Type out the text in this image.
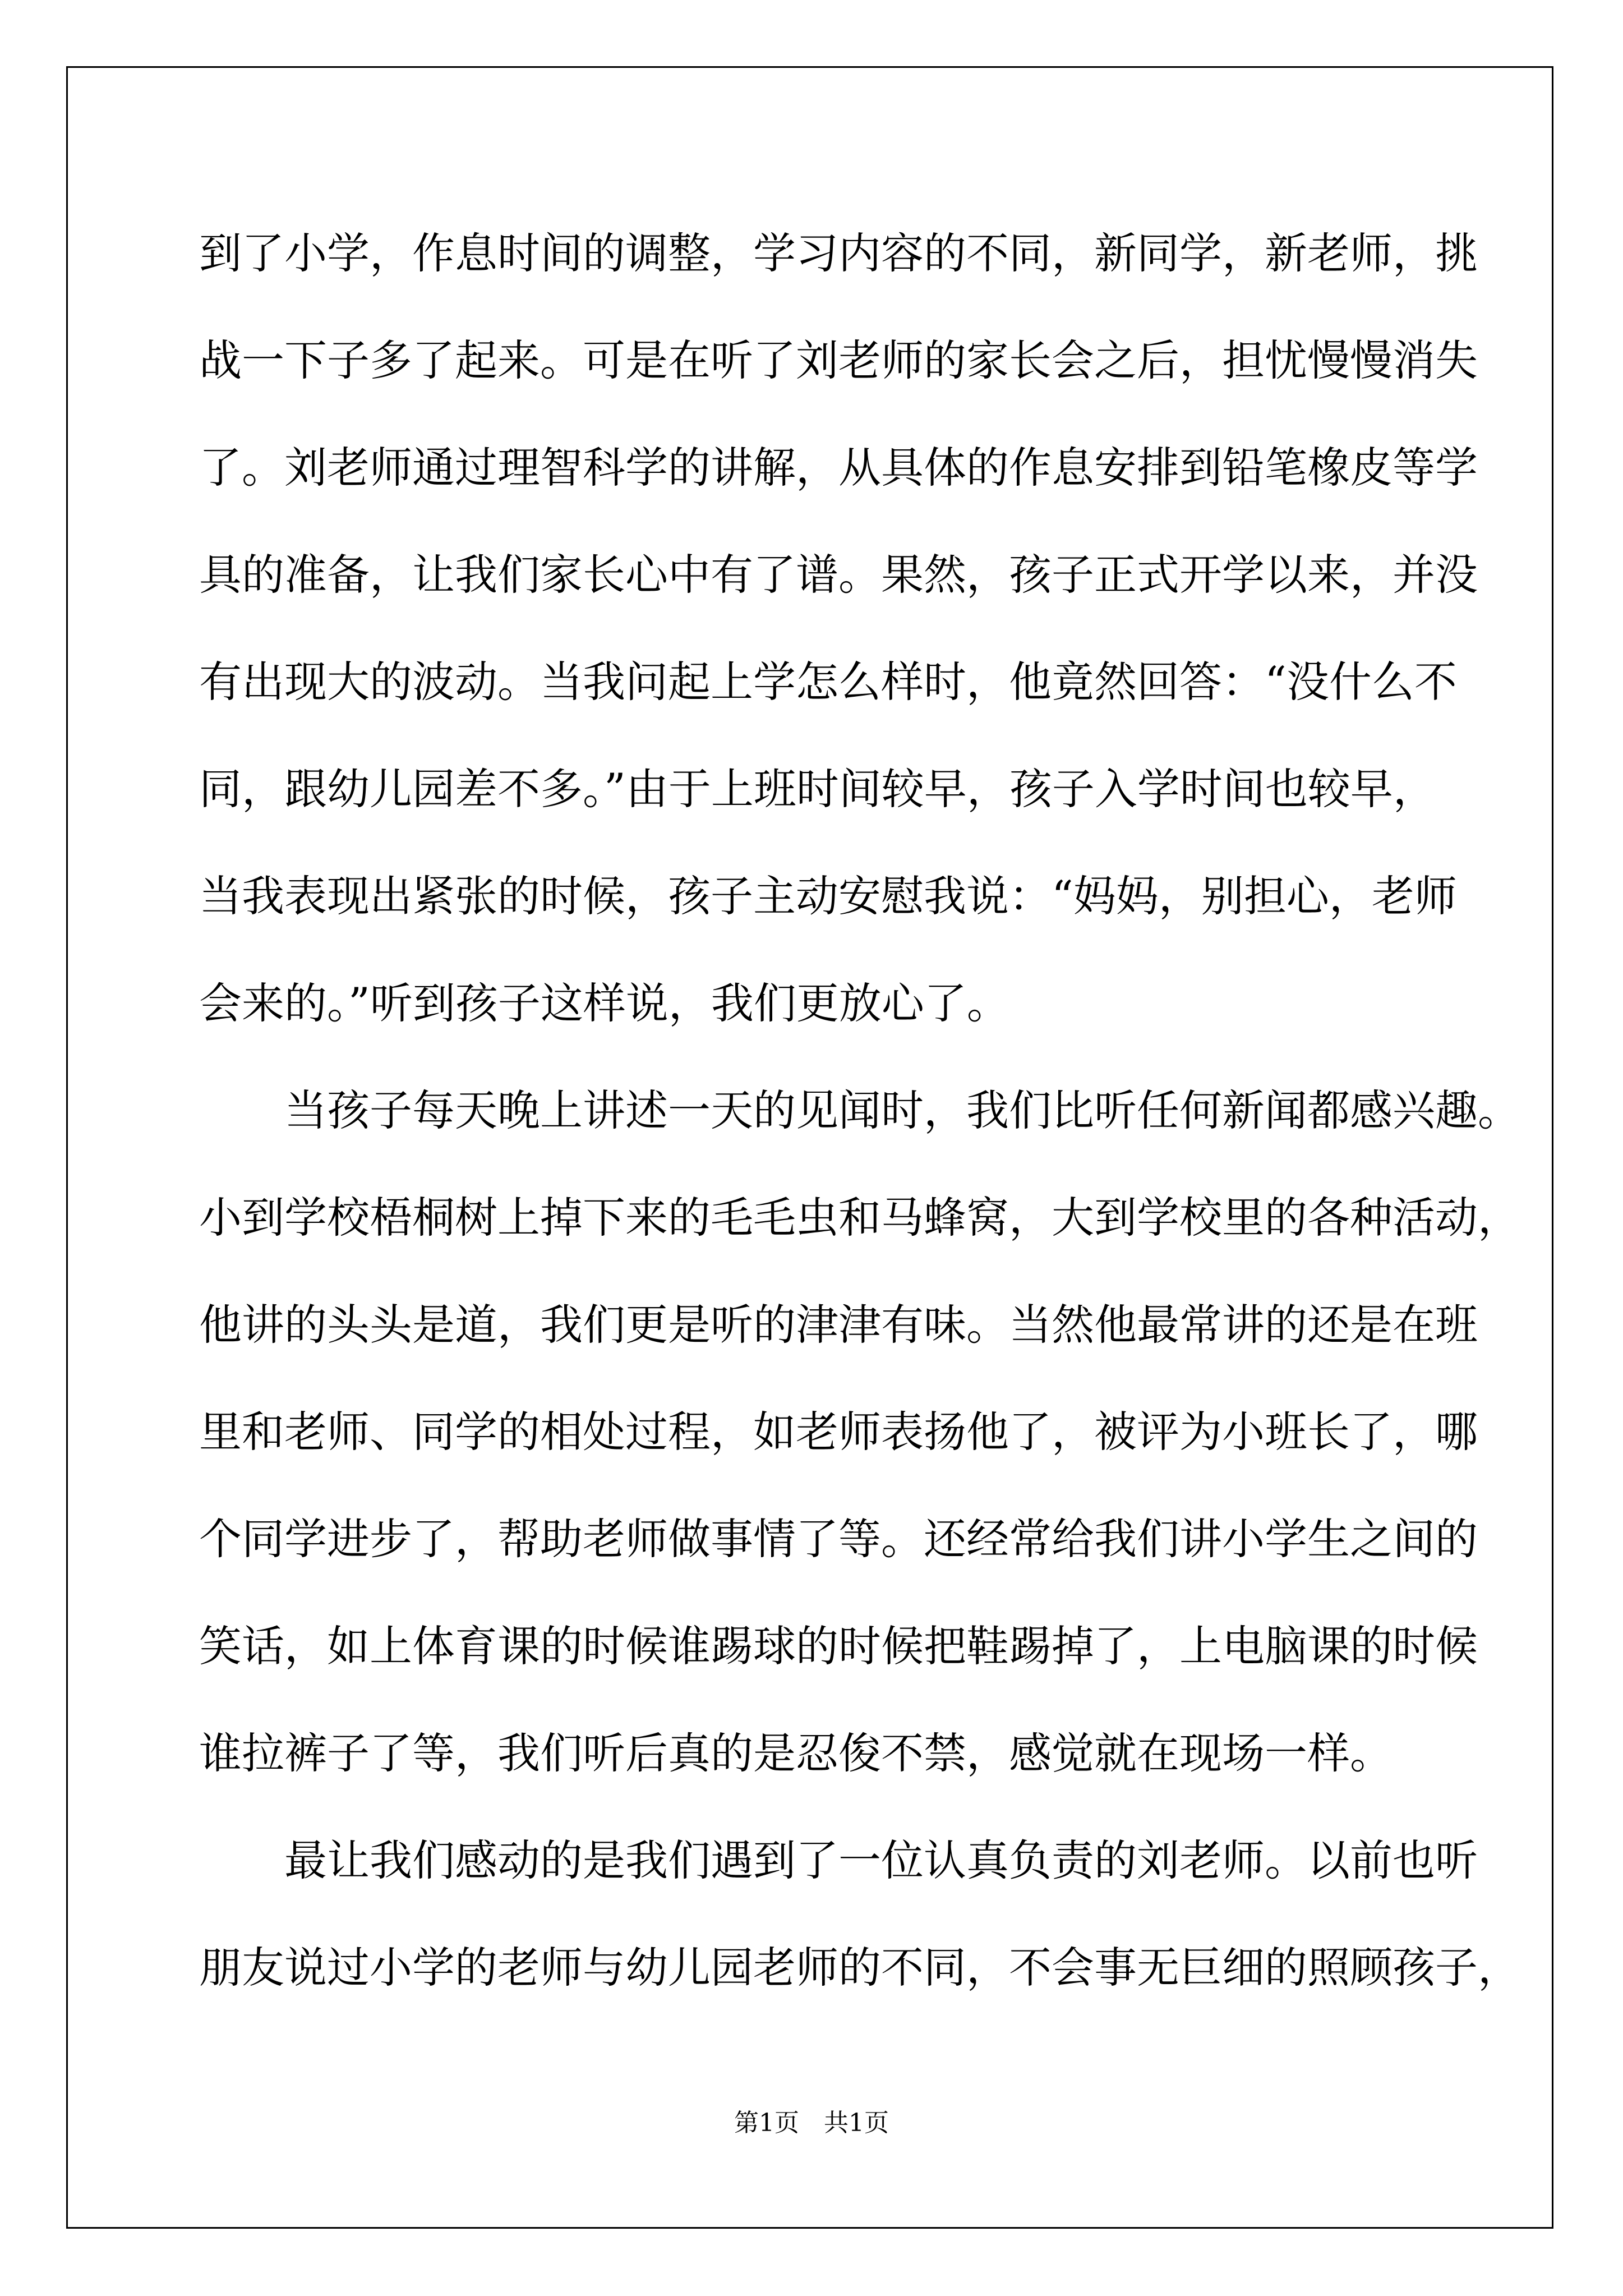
到了小学，作息时间的调整，学习内容的不同，新同学，新老师，挑

战一下子多了起来。可是在听了刘老师的家长会之后，担忧慢慢消失

了。刘老师通过理智科学的讲解，从具体的作息安排到铅笔橡皮等学

具的准备，让我们家长心中有了谱。果然，孩子正式开学以来，并没

有出现大的波动。当我问起上学怎么样时，他竟然回答：“没什么不

同，跟幼儿园差不多。”由于上班时间较早，孩子入学时间也较早，

当我表现出紧张的时候，孩子主动安慰我说：“妈妈，别担心，老师

会来的。”听到孩子这样说，我们更放心了。

　　当孩子每天晚上讲述一天的见闻时，我们比听任何新闻都感兴趣。

小到学校梧桐树上掉下来的毛毛虫和马蜂窝，大到学校里的各种活动，

他讲的头头是道，我们更是听的津津有味。当然他最常讲的还是在班

里和老师、同学的相处过程，如老师表扬他了，被评为小班长了，哪

个同学进步了，帮助老师做事情了等。还经常给我们讲小学生之间的

笑话，如上体育课的时候谁踢球的时候把鞋踢掉了，上电脑课的时候

谁拉裤子了等，我们听后真的是忍俊不禁，感觉就在现场一样。

　　最让我们感动的是我们遇到了一位认真负责的刘老师。以前也听

朋友说过小学的老师与幼儿园老师的不同，不会事无巨细的照顾孩子，

第1页　共1页
